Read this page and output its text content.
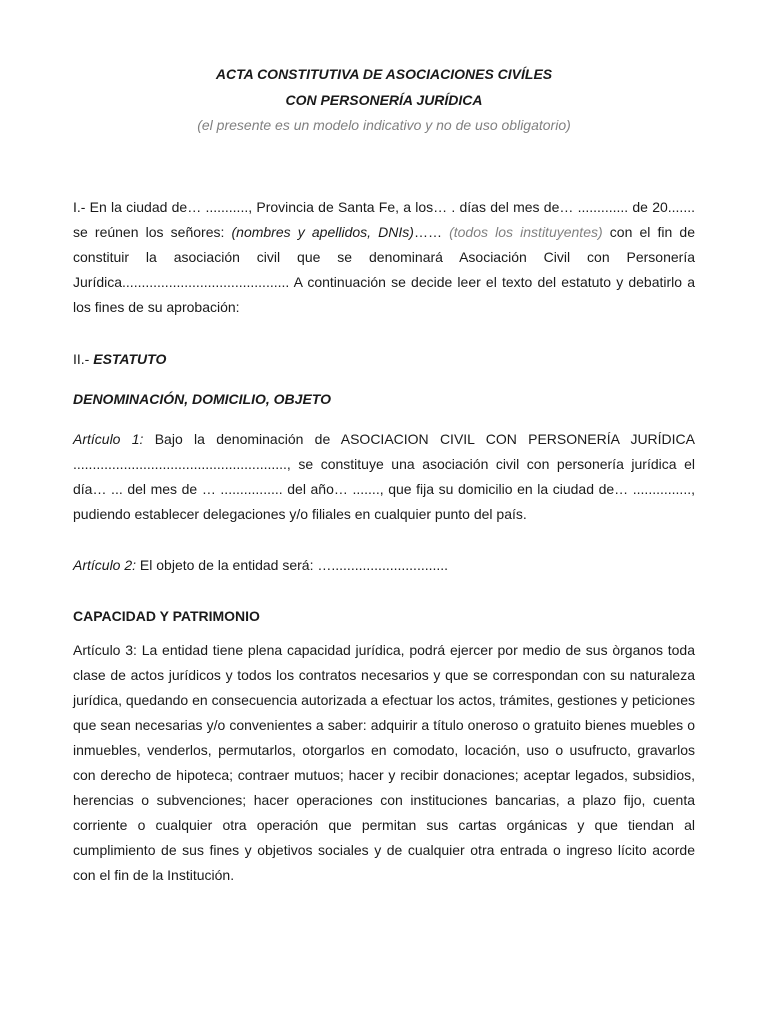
ACTA CONSTITUTIVA DE ASOCIACIONES CIVÍLES
CON PERSONERÍA JURÍDICA
(el presente es un modelo indicativo y no de uso obligatorio)

I.- En la ciudad de… ..........., Provincia de Santa Fe, a los… . días del mes de… ............. de 20....... se reúnen los señores: (nombres y apellidos, DNIs)…… (todos los instituyentes) con el fin de constituir la asociación civil que se denominará Asociación Civil con Personería Jurídica........................................... A continuación se decide leer el texto del estatuto y debatirlo a los fines de su aprobación:

II.- ESTATUTO
DENOMINACIÓN, DOMICILIO, OBJETO

Artículo 1: Bajo la denominación de ASOCIACION CIVIL CON PERSONERÍA JURÍDICA ......................................................., se constituye una asociación civil con personería jurídica el día… ... del mes de … ................ del año… ......., que fija su domicilio en la ciudad de… ..............., pudiendo establecer delegaciones y/o filiales en cualquier punto del país.

Artículo 2: El objeto de la entidad será: …..............................

CAPACIDAD Y PATRIMONIO

Artículo 3: La entidad tiene plena capacidad jurídica, podrá ejercer por medio de sus òrganos toda clase de actos jurídicos y todos los contratos necesarios y que se correspondan con su naturaleza jurídica, quedando en consecuencia autorizada a efectuar los actos, trámites, gestiones y peticiones que sean necesarias y/o convenientes a saber: adquirir a título oneroso o gratuito bienes muebles o inmuebles, venderlos, permutarlos, otorgarlos en comodato, locación, uso o usufructo, gravarlos con derecho de hipoteca; contraer mutuos; hacer y recibir donaciones; aceptar legados, subsidios, herencias o subvenciones; hacer operaciones con instituciones bancarias, a plazo fijo, cuenta corriente o cualquier otra operación que permitan sus cartas orgánicas y que tiendan al cumplimiento de sus fines y objetivos sociales y de cualquier otra entrada o ingreso lícito acorde con el fin de la Institución.
